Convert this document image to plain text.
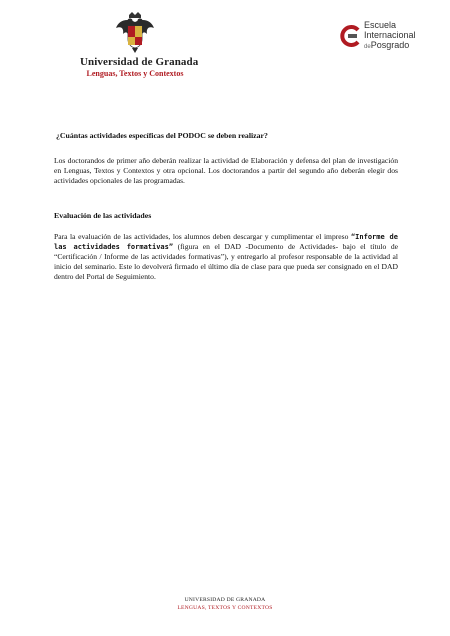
Universidad de Granada
Lenguas, Textos y Contextos
Escuela
Internacional
dePosgrado
¿Cuántas actividades específicas del PODOC se deben realizar?
Los doctorandos de primer año deberán realizar la actividad de Elaboración y defensa del plan de investigación en Lenguas, Textos y Contextos y otra opcional. Los doctorandos a partir del segundo año deberán elegir dos actividades opcionales de las programadas.
Evaluación de las actividades
Para la evaluación de las actividades, los alumnos deben descargar y cumplimentar el impreso “Informe de las actividades formativas” (figura en el DAD -Documento de Actividades- bajo el título de “Certificación / Informe de las actividades formativas”), y entregarlo al profesor responsable de la actividad al inicio del seminario. Este lo devolverá firmado el último día de clase para que pueda ser consignado en el DAD dentro del Portal de Seguimiento.
UNIVERSIDAD DE GRANADA
LENGUAS, TEXTOS Y CONTEXTOS
